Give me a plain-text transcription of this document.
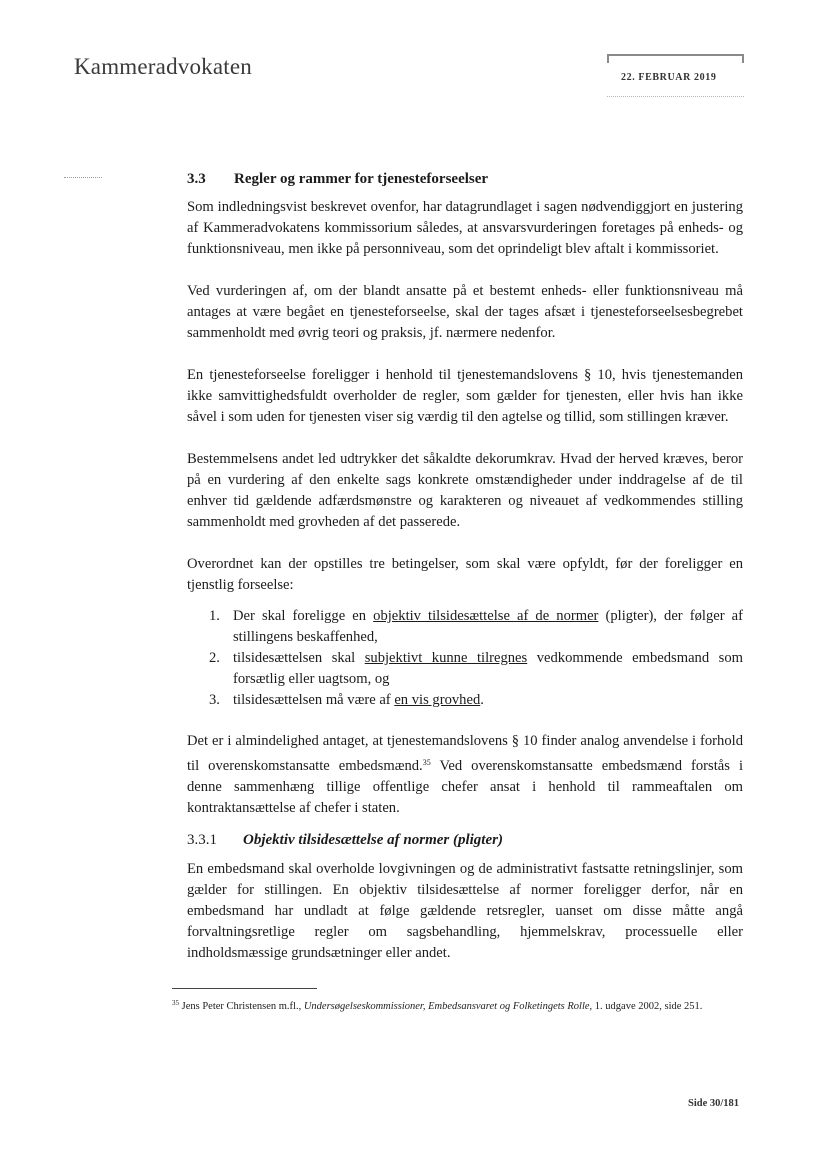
Kammeradvokaten	22. FEBRUAR 2019
3.3	Regler og rammer for tjenesteforseelser

Som indledningsvist beskrevet ovenfor, har datagrundlaget i sagen nødvendiggjort en justering af Kammeradvokatens kommissorium således, at ansvarsvurderingen foretages på enheds- og funktionsniveau, men ikke på personniveau, som det oprindeligt blev aftalt i kommissoriet.

Ved vurderingen af, om der blandt ansatte på et bestemt enheds- eller funktionsniveau må antages at være begået en tjenesteforseelse, skal der tages afsæt i tjenesteforseelsesbegrebet sammenholdt med øvrig teori og praksis, jf. nærmere nedenfor.

En tjenesteforseelse foreligger i henhold til tjenestemandslovens § 10, hvis tjenestemanden ikke samvittighedsfuldt overholder de regler, som gælder for tjenesten, eller hvis han ikke såvel i som uden for tjenesten viser sig værdig til den agtelse og tillid, som stillingen kræver.

Bestemmelsens andet led udtrykker det såkaldte dekorumkrav. Hvad der herved kræves, beror på en vurdering af den enkelte sags konkrete omstændigheder under inddragelse af de til enhver tid gældende adfærdsmønstre og karakteren og niveauet af vedkommendes stilling sammenholdt med grovheden af det passerede.

Overordnet kan der opstilles tre betingelser, som skal være opfyldt, før der foreligger en tjenstlig forseelse:

1. Der skal foreligge en objektiv tilsidesættelse af de normer (pligter), der følger af stillingens beskaffenhed,
2. tilsidesættelsen skal subjektivt kunne tilregnes vedkommende embedsmand som forsætlig eller uagtsom, og
3. tilsidesættelsen må være af en vis grovhed.

Det er i almindelighed antaget, at tjenestemandslovens § 10 finder analog anvendelse i forhold til overenskomstansatte embedsmænd.$^{35}$ Ved overenskomstansatte embedsmænd forstås i denne sammenhæng tillige offentlige chefer ansat i henhold til rammeaftalen om kontraktansættelse af chefer i staten.

3.3.1	Objektiv tilsidesættelse af normer (pligter)

En embedsmand skal overholde lovgivningen og de administrativt fastsatte retningslinjer, som gælder for stillingen. En objektiv tilsidesættelse af normer foreligger derfor, når en embedsmand har undladt at følge gældende retsregler, uanset om disse måtte angå forvaltningsretlige regler om sagsbehandling, hjemmelskrav, processuelle eller indholdsmæssige grundsætninger eller andet.

$^{35}$ Jens Peter Christensen m.fl., Undersøgelseskommissioner, Embedsansvaret og Folketingets Rolle, 1. udgave 2002, side 251.
Side 30/181
